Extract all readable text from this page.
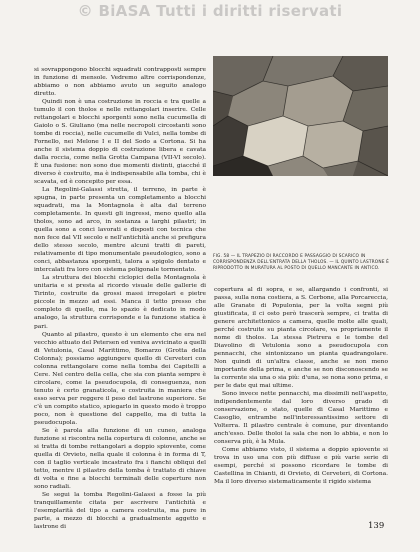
© BiASA Tutti i diritti riservati
FIG. 58 — IL TRAPEZIO DI RACCORDO E PASSAGGIO DI SCARICO IN CORRISPONDENZA DELL'ENTRATA DELLA THOLOS. — IL QUINTO LASTRONE È RIPRODOTTO IN MURATURA AL POSTO DI QUELLO MANCANTE IN ANTICO.

si sovrappongono blocchi squadrati contrapposti sempre in funzione di mensole. Vedremo altre corrispondenze, abbiamo o non abbiamo avuto un seguito analogo diretto.

Quindi non è una costruzione in roccia e tra quelle a tumulo il con tholos e nelle rettangolari inserire. Celle rettangolari e blocchi sporgenti sono nella cucumella di Gaiolo o S. Giuliano (ma nelle necropoli circostanti sono tombe di roccia), nelle cucumelle di Vulci, nella tombe di Fornello, nei Melone I e II del Sodo a Cortona. Si ha anche il sistema doppio di costruzione libera e cavata dalla roccia, come nella Grotta Campana (VII-VI secolo). È una fusione: non sono due momenti distinti, giacché il diverso è costruito, ma è indispensabile alla tomba, chi è scavata, ed è concepito per essa.

La Regolini-Galassi stretta, il terreno, in parte è spugna, in parte presenta un completamento a blocchi squadrati, ma la Montagnola è alta dal terreno completamente. In questi gli ingressi, meno quello alla tholos, sono ad arco, in sostanza a larghi pilastri; in quella sono a conci lavorati e disposti con tecnica che non fece dal VII secolo e nell'antichità anche si prefigura dello stesso secolo, mentre alcuni tratti di pareti, relativamente di tipo monumentale pseudologico, sono a conci, abbastanza sporgenti, talora a spigolo dentato e intercalati fra loro con sistema poligonale tormentato.

La struttura dei blocchi ciclopici della Montagnola è unitaria e si presta al ricordo visuale delle gallerie di Tirinto, costruite da grossi massi irregolari e pietre piccole in mezzo ad essi. Manca il tetto presso che completo di quelle, ma lo spazio è dedicato in modo analogo, la struttura corrisponde e la funzione statica è pari.

Quanto al pilastro, questo è un elemento che era nel vecchio attuato del Petersen ed veniva avvicinato a quelli di Vetulonia, Casal Marittimo, Bomarzo (Grotta della Colonna); possiamo aggiungere quello di Cerveteri con colonna rettangolare come nella tomba dei Capitelli a Cere. Nel centro della cella, che sia con pianta sempre è circolare, come la pseudocupola, di conseguenza, non tenuto è certo granaticola, e costruita in maniera che esso serva per reggere il peso del lastrone superiore. Se c'è un compito statico, spiegarlo in questo modo è troppo poco, non è questione del cappello, ma di tutta la pseudocupola.

Se è parola alla funzione di un cuneo, analoga funzione si riscontra nella copertura di colonne, anche se si tratta di tombe rettangolari a doppio spiovente, come quella di Orvieto, nella quale il colonna è in forma di T, con il taglio verticale incastrato fra i fianchi obliqui del tetto, mentre il pilastro della tomba è trattato di chiave di volta e fine a blocchi terminali delle coperture non sono radiali.

Se segui la tomba Regolini-Galassi a fosse la più tranquillamente citata per ascrivere l'antichità e l'esemplarità del tipo a camera costruita, ma pure in parte, a mezzo di blocchi a gradualmente aggetto e lastrone di

copertura al di sopra, e se, allargando i confronti, si passa, sulla nona costiera, a S. Cerbone, alla Porcareccia, alle Granate di Populonia, per la volta segni più giustificata, il ci osto però trascerà sempre, ci tratta di genere architettonico a camera, quelle molte alle quali, perché costruite su pianta circolare, va propriamente il nome di tholos. La stessa Pietrera e le tombe del Diavolino di Vetulonia sono a pseudocupola con pennacchi, che sintonizzano un pianta quadrangolare. Non quindi di un'altra classe, anche se non meno importante della prima, e anche se non disconoscendo se la corrente sia una o sia più: d'una, se nona sono prima, e per le date qui mai ultime.

Sono invece nette pennacchi, ma dissimili nell'aspetto, indipendentemente dal loro diverso grado di conservazione, o stato, quelle di Casal Marittimo e Casoglio, entrambe nell'interessantissimo settore di Volterra. Il pilastro centrale è comune, pur diventando anch'esso. Delle tholoi la sala che non lo abbia, e non lo conserva più, è la Mula.

Come abbiamo visto, il sistema a doppio spiovente si trova in uso una con più diffuse e più varie serie di esempi, perché si possono ricordare le tombe di Castellina in Chianti, di Orvieto, di Cerveteri, di Cortona. Ma il loro diverso sistematicamente il rigido sistema

139
